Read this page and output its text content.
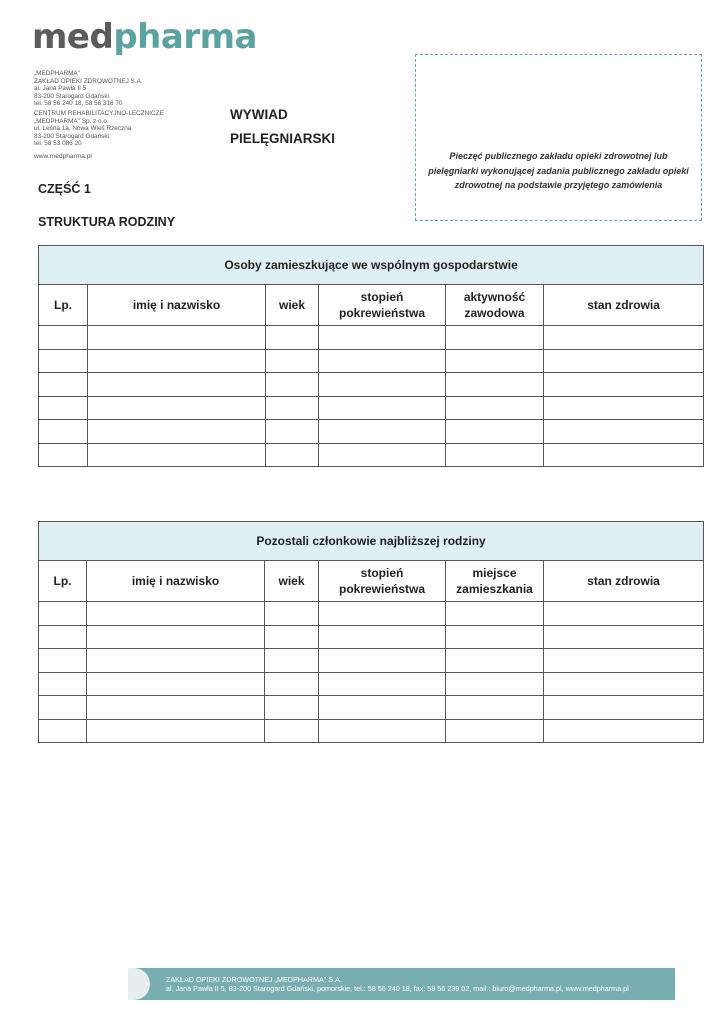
medpharma
„MEDPHARMA"
ZAKŁAD OPIEKI ZDROWOTNEJ S.A.
al. Jana Pawła II 5
83-200 Starogard Gdański
tel. 58 56 240 18, 58 56 316 70
CENTRUM REHABILITACYJNO-LECZNICZE
„MEDPHARMA" Sp. z o.o.
ul. Leśna 1a, Nowa Wieś Rzeczna
83-200 Starogard Gdański
tel. 58 53 086 20
www.medpharma.pl
WYWIAD
PIELĘGNIARSKI
Pieczęć publicznego zakładu opieki zdrowotnej lub pielęgniarki wykonującej zadania publicznego zakładu opieki zdrowotnej na podstawie przyjętego zamówienia
CZĘŚĆ 1
STRUKTURA RODZINY
Osoby zamieszkujące we wspólnym gospodarstwie					
Lp.	imię i nazwisko	wiek	stopień pokrewieństwa	aktywność zawodowa	stan zdrowia

Pozostali członkowie najbliższej rodziny					
Lp.	imię i nazwisko	wiek	stopień pokrewieństwa	miejsce zamieszkania	stan zdrowia

ZAKŁAD OPIEKI ZDROWOTNEJ „MEDPHARMA" S.A.
al. Jana Pawła II 5, 83-200 Starogard Gdański, pomorskie, tel.: 58 56 240 18, fax: 58 56 239 02, mail.: biuro@medpharma.pl, www.medpharma.pl
